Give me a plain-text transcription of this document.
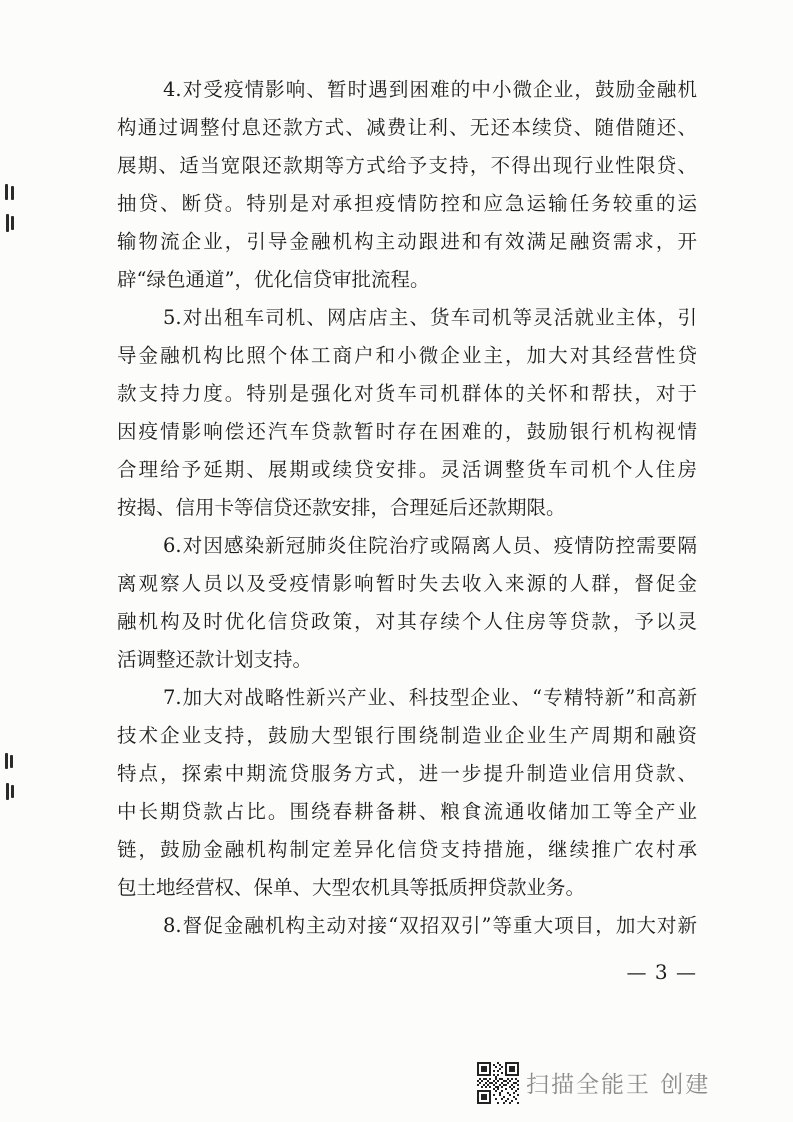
4.对受疫情影响、暂时遇到困难的中小微企业，鼓励金融机
构通过调整付息还款方式、减费让利、无还本续贷、随借随还、
展期、适当宽限还款期等方式给予支持，不得出现行业性限贷、
抽贷、断贷。特别是对承担疫情防控和应急运输任务较重的运
输物流企业，引导金融机构主动跟进和有效满足融资需求，开
辟“绿色通道”，优化信贷审批流程。
5.对出租车司机、网店店主、货车司机等灵活就业主体，引
导金融机构比照个体工商户和小微企业主，加大对其经营性贷
款支持力度。特别是强化对货车司机群体的关怀和帮扶，对于
因疫情影响偿还汽车贷款暂时存在困难的，鼓励银行机构视情
合理给予延期、展期或续贷安排。灵活调整货车司机个人住房
按揭、信用卡等信贷还款安排，合理延后还款期限。
6.对因感染新冠肺炎住院治疗或隔离人员、疫情防控需要隔
离观察人员以及受疫情影响暂时失去收入来源的人群，督促金
融机构及时优化信贷政策，对其存续个人住房等贷款，予以灵
活调整还款计划支持。
7.加大对战略性新兴产业、科技型企业、“专精特新”和高新
技术企业支持，鼓励大型银行围绕制造业企业生产周期和融资
特点，探索中期流贷服务方式，进一步提升制造业信用贷款、
中长期贷款占比。围绕春耕备耕、粮食流通收储加工等全产业
链，鼓励金融机构制定差异化信贷支持措施，继续推广农村承
包土地经营权、保单、大型农机具等抵质押贷款业务。
8.督促金融机构主动对接“双招双引”等重大项目，加大对新
— 3 —
扫描全能王 创建
